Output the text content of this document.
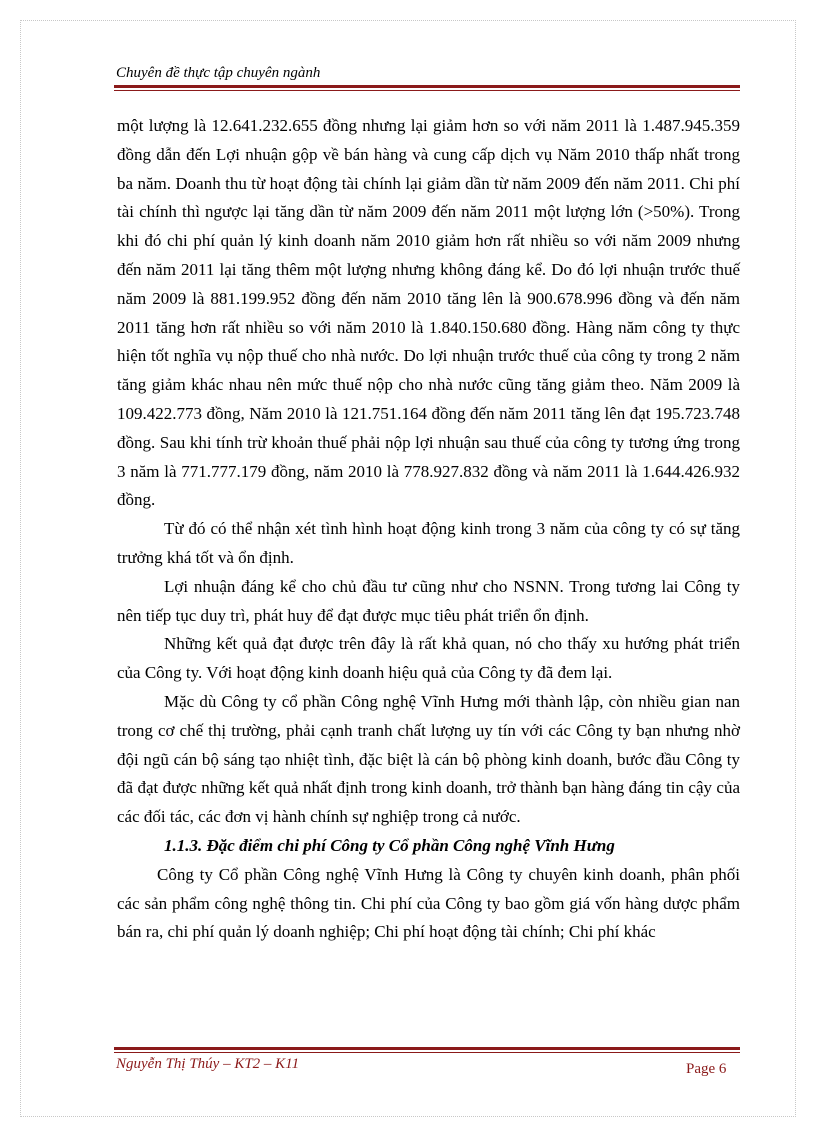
Chuyên đề thực tập chuyên ngành

một lượng là 12.641.232.655 đồng nhưng lại giảm hơn so với năm 2011 là 1.487.945.359 đồng dẫn đến Lợi nhuận gộp về bán hàng và cung cấp dịch vụ Năm 2010 thấp nhất trong ba năm. Doanh thu từ hoạt động tài chính lại giảm dần từ năm 2009 đến năm 2011. Chi phí tài chính thì ngược lại tăng dần từ năm 2009 đến năm 2011 một lượng lớn (>50%). Trong khi đó chi phí quản lý kinh doanh năm 2010 giảm hơn rất nhiều so với năm 2009 nhưng đến năm 2011 lại tăng thêm một lượng nhưng không đáng kể. Do đó lợi nhuận trước thuế năm 2009 là 881.199.952 đồng đến năm 2010 tăng lên là 900.678.996 đồng và đến năm 2011 tăng hơn rất nhiều so với năm 2010 là 1.840.150.680 đồng. Hàng năm công ty thực hiện tốt nghĩa vụ nộp thuế cho nhà nước. Do lợi nhuận trước thuế của công ty trong 2 năm tăng giảm khác nhau nên mức thuế nộp cho nhà nước cũng tăng giảm theo. Năm 2009 là 109.422.773 đồng, Năm 2010 là 121.751.164 đồng đến năm 2011 tăng lên đạt 195.723.748 đồng. Sau khi tính trừ khoản thuế phải nộp lợi nhuận sau thuế của công ty tương ứng trong 3 năm là 771.777.179 đồng, năm 2010 là 778.927.832 đồng và năm 2011 là 1.644.426.932 đồng.

Từ đó có thể nhận xét tình hình hoạt động kinh trong 3 năm của công ty có sự tăng trưởng khá tốt và ổn định.

Lợi nhuận đáng kể cho chủ đầu tư cũng như cho NSNN. Trong tương lai Công ty nên tiếp tục duy trì, phát huy để đạt được mục tiêu phát triển ổn định.

Những kết quả đạt được trên đây là rất khả quan, nó cho thấy xu hướng phát triển của Công ty. Với hoạt động kinh doanh hiệu quả của Công ty đã đem lại.

Mặc dù Công ty cổ phần Công nghệ Vĩnh Hưng mới thành lập, còn nhiều gian nan trong cơ chế thị trường, phải cạnh tranh chất lượng uy tín với các Công ty bạn nhưng nhờ đội ngũ cán bộ sáng tạo nhiệt tình, đặc biệt là cán bộ phòng kinh doanh, bước đầu Công ty đã đạt được những kết quả nhất định trong kinh doanh, trở thành bạn hàng đáng tin cậy của các đối tác, các đơn vị hành chính sự nghiệp trong cả nước.

1.1.3. Đặc điểm chi phí Công ty Cổ phần Công nghệ Vĩnh Hưng

Công ty Cổ phần Công nghệ Vĩnh Hưng là Công ty chuyên kinh doanh, phân phối các sản phẩm công nghệ thông tin. Chi phí của Công ty bao gồm giá vốn hàng dược phẩm bán ra, chi phí quản lý doanh nghiệp; Chi phí hoạt động tài chính; Chi phí khác

Nguyễn Thị Thúy – KT2 – K11	Page 6
